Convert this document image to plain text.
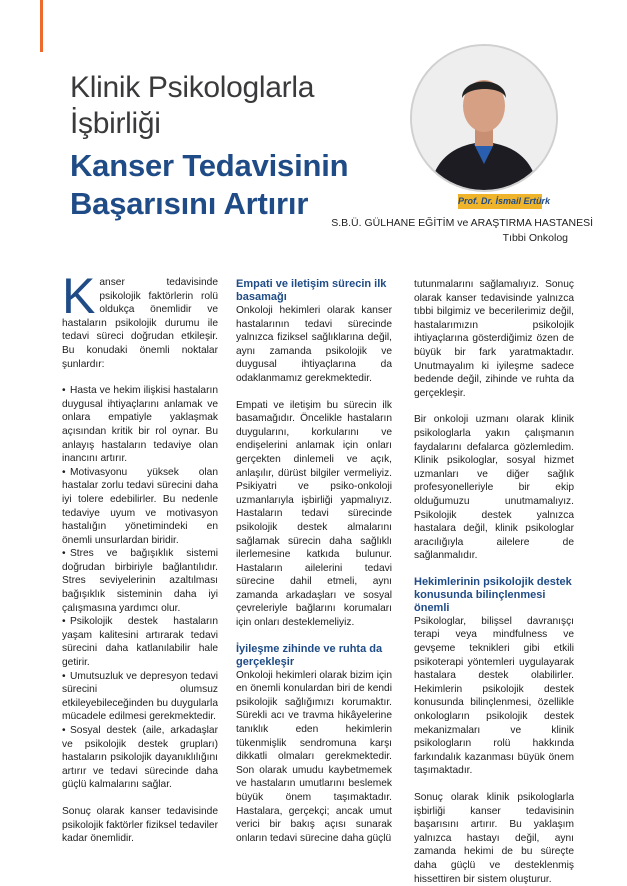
Klinik Psikologlarla
İşbirliği
Kanser Tedavisinin
Başarısını Artırır	Prof. Dr. İsmail Ertürk
S.B.Ü. GÜLHANE EĞİTİM ve ARAŞTIRMA HASTANESİ
Tıbbi Onkolog

Kanser tedavisinde psikolojik faktörlerin rolü oldukça önemlidir ve hastaların psikolojik durumu ile tedavi süreci doğrudan etkileşir. Bu konudaki önemli noktalar şunlardır:

• Hasta ve hekim ilişkisi hastaların duygusal ihtiyaçlarını anlamak ve onlara empatiyle yaklaşmak açısından kritik bir rol oynar. Bu anlayış hastaların tedaviye olan inancını artırır.

• Motivasyonu yüksek olan hastalar zorlu tedavi sürecini daha iyi tolere edebilirler. Bu nedenle tedaviye uyum ve motivasyon hastalığın yönetimindeki en önemli unsurlardan biridir.

• Stres ve bağışıklık sistemi doğrudan birbiriyle bağlantılıdır. Stres seviyelerinin azaltılması bağışıklık sisteminin daha iyi çalışmasına yardımcı olur.

• Psikolojik destek hastaların yaşam kalitesini artırarak tedavi sürecini daha katlanılabilir hale getirir.

• Umutsuzluk ve depresyon tedavi sürecini olumsuz etkileyebileceğinden bu duygularla mücadele edilmesi gerekmektedir.

• Sosyal destek (aile, arkadaşlar ve psikolojik destek grupları) hastaların psikolojik dayanıklılığını artırır ve tedavi sürecinde daha güçlü kalmalarını sağlar.

Sonuç olarak kanser tedavisinde psikolojik faktörler fiziksel tedaviler kadar önemlidir.

Empati ve iletişim sürecin ilk basamağı

Onkoloji hekimleri olarak kanser hastalarının tedavi sürecinde yalnızca fiziksel sağlıklarına değil, aynı zamanda psikolojik ve duygusal ihtiyaçlarına da odaklanmamız gerekmektedir.

Empati ve iletişim bu sürecin ilk basamağıdır. Öncelikle hastaların duygularını, korkularını ve endişelerini anlamak için onları gerçekten dinlemeli ve açık, anlaşılır, dürüst bilgiler vermeliyiz. Psikiyatri ve psiko-onkoloji uzmanlarıyla işbirliği yapmalıyız. Hastaların tedavi sürecinde psikolojik destek almalarını sağlamak sürecin daha sağlıklı ilerlemesine katkıda bulunur. Hastaların ailelerini tedavi sürecine dahil etmeli, aynı zamanda arkadaşları ve sosyal çevreleriyle bağlarını korumaları için onları desteklemeliyiz.

İyileşme zihinde ve ruhta da gerçekleşir

Onkoloji hekimleri olarak bizim için en önemli konulardan biri de kendi psikolojik sağlığımızı korumaktır. Sürekli acı ve travma hikâyelerine tanıklık eden hekimlerin tükenmişlik sendromuna karşı dikkatli olmaları gerekmektedir. Son olarak umudu kaybetmemek ve hastaların umutlarını beslemek büyük önem taşımaktadır. Hastalara, gerçekçi; ancak umut verici bir bakış açısı sunarak onların tedavi sürecine daha güçlü

tutunmalarını sağlamalıyız. Sonuç olarak kanser tedavisinde yalnızca tıbbi bilgimiz ve becerilerimiz değil, hastalarımızın psikolojik ihtiyaçlarına gösterdiğimiz özen de büyük bir fark yaratmaktadır. Unutmayalım ki iyileşme sadece bedende değil, zihinde ve ruhta da gerçekleşir.

Bir onkoloji uzmanı olarak klinik psikologlarla yakın çalışmanın faydalarını defalarca gözlemledim. Klinik psikologlar, sosyal hizmet uzmanları ve diğer sağlık profesyonelleriyle bir ekip olduğumuzu unutmamalıyız. Psikolojik destek yalnızca hastalara değil, klinik psikologlar aracılığıyla ailelere de sağlanmalıdır.

Hekimlerinin psikolojik destek konusunda bilinçlenmesi önemli

Psikologlar, bilişsel davranışçı terapi veya mindfulness ve gevşeme teknikleri gibi etkili psikoterapi yöntemleri uygulayarak hastalara destek olabilirler. Hekimlerin psikolojik destek konusunda bilinçlenmesi, özellikle onkologların psikolojik destek mekanizmaları ve klinik psikologların rolü hakkında farkındalık kazanması büyük önem taşımaktadır.

Sonuç olarak klinik psikologlarla işbirliği kanser tedavisinin başarısını artırır. Bu yaklaşım yalnızca hastayı değil, aynı zamanda hekimi de bu süreçte daha güçlü ve desteklenmiş hissettiren bir sistem oluşturur.
